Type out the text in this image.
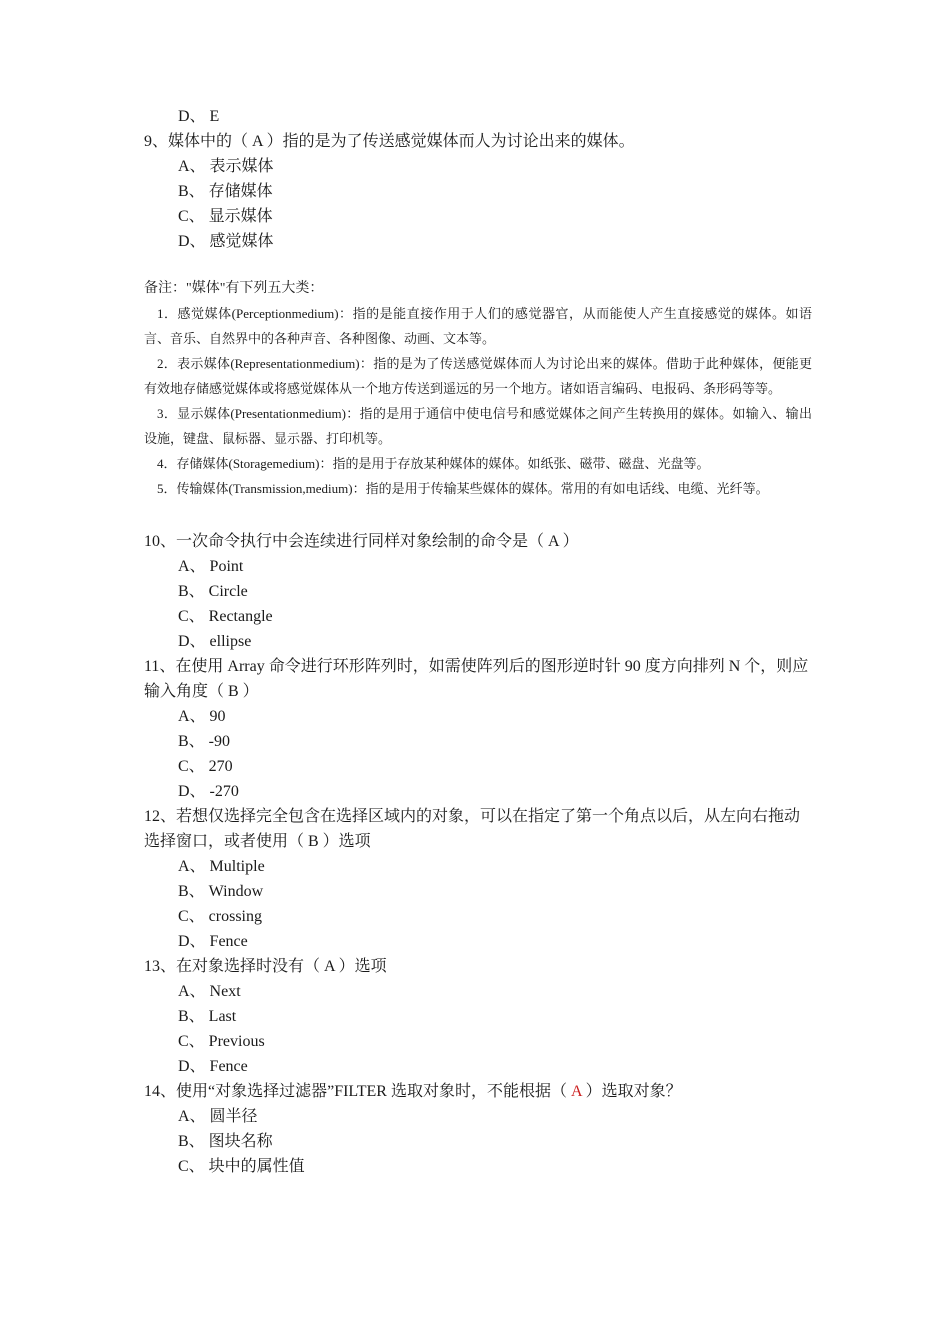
D、 E
9、媒体中的（ A ）指的是为了传送感觉媒体而人为讨论出来的媒体。
A、 表示媒体
B、 存储媒体
C、 显示媒体
D、 感觉媒体
备注："媒体"有下列五大类：

1．感觉媒体(Perceptionmedium)：指的是能直接作用于人们的感觉器官，从而能使人产生直接感觉的媒体。如语言、音乐、自然界中的各种声音、各种图像、动画、文本等。

2．表示媒体(Representationmedium)：指的是为了传送感觉媒体而人为讨论出来的媒体。借助于此种媒体，便能更有效地存储感觉媒体或将感觉媒体从一个地方传送到遥远的另一个地方。诸如语言编码、电报码、条形码等等。

3．显示媒体(Presentationmedium)：指的是用于通信中使电信号和感觉媒体之间产生转换用的媒体。如输入、输出设施，键盘、鼠标器、显示器、打印机等。

4．存储媒体(Storagemedium)：指的是用于存放某种媒体的媒体。如纸张、磁带、磁盘、光盘等。

5．传输媒体(Transmission,medium)：指的是用于传输某些媒体的媒体。常用的有如电话线、电缆、光纤等。

10、一次命令执行中会连续进行同样对象绘制的命令是（ A ）
A、 Point
B、 Circle
C、 Rectangle
D、 ellipse
11、在使用 Array 命令进行环形阵列时，如需使阵列后的图形逆时针 90 度方向排列 N 个，则应输入角度（ B ）
A、 90
B、 -90
C、 270
D、 -270
12、若想仅选择完全包含在选择区域内的对象，可以在指定了第一个角点以后，从左向右拖动选择窗口，或者使用（ B ）选项
A、 Multiple
B、 Window
C、 crossing
D、 Fence
13、在对象选择时没有（ A ）选项
A、 Next
B、 Last
C、 Previous
D、 Fence
14、使用“对象选择过滤器”FILTER 选取对象时，不能根据（ A ）选取对象？
A、 圆半径
B、 图块名称
C、 块中的属性值
